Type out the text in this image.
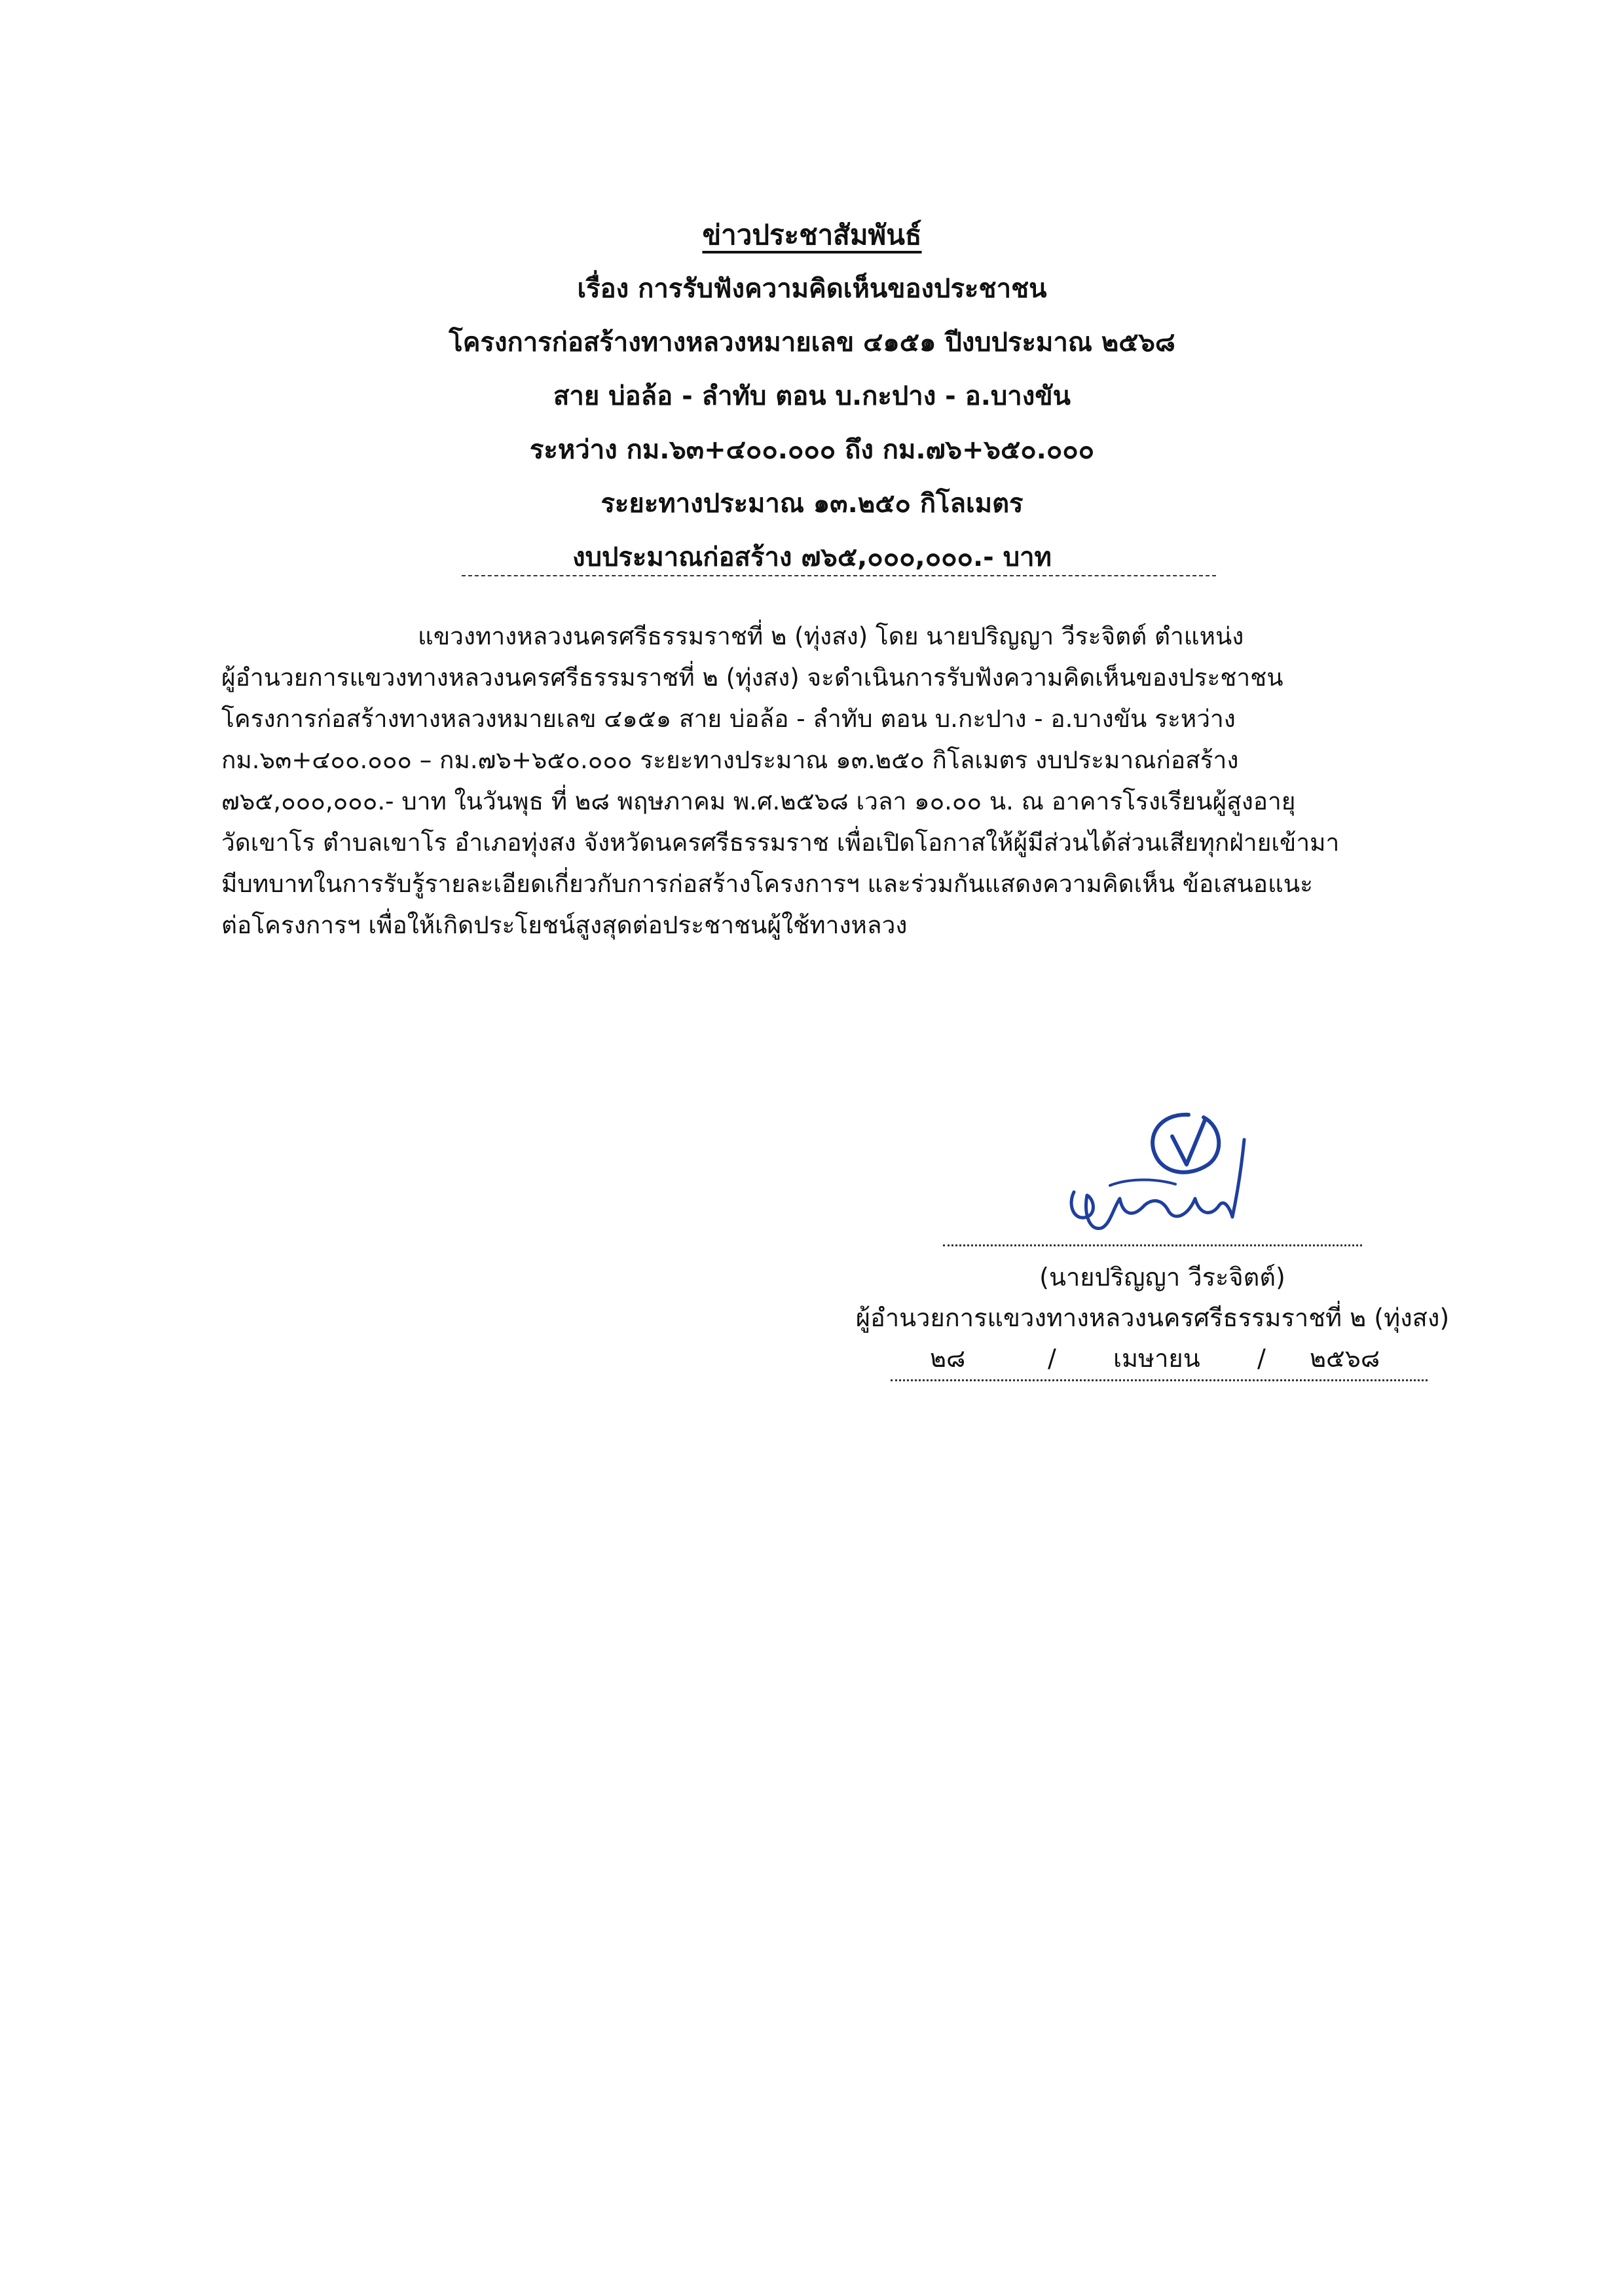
ข่าวประชาสัมพันธ์
เรื่อง การรับฟังความคิดเห็นของประชาชน
โครงการก่อสร้างทางหลวงหมายเลข ๔๑๕๑ ปีงบประมาณ ๒๕๖๘
สาย บ่อล้อ - ลำทับ ตอน บ.กะปาง - อ.บางขัน
ระหว่าง กม.๖๓+๔๐๐.๐๐๐ ถึง กม.๗๖+๖๕๐.๐๐๐
ระยะทางประมาณ ๑๓.๒๕๐ กิโลเมตร
งบประมาณก่อสร้าง ๗๖๕,๐๐๐,๐๐๐.- บาท

แขวงทางหลวงนครศรีธรรมราชที่ ๒ (ทุ่งสง) โดย นายปริญญา วีระจิตต์ ตำแหน่ง

ผู้อำนวยการแขวงทางหลวงนครศรีธรรมราชที่ ๒ (ทุ่งสง) จะดำเนินการรับฟังความคิดเห็นของประชาชน

โครงการก่อสร้างทางหลวงหมายเลข ๔๑๕๑ สาย บ่อล้อ - ลำทับ ตอน บ.กะปาง - อ.บางขัน ระหว่าง

กม.๖๓+๔๐๐.๐๐๐ – กม.๗๖+๖๕๐.๐๐๐ ระยะทางประมาณ ๑๓.๒๕๐ กิโลเมตร งบประมาณก่อสร้าง

๗๖๕,๐๐๐,๐๐๐.- บาท ในวันพุธ ที่ ๒๘ พฤษภาคม พ.ศ.๒๕๖๘ เวลา ๑๐.๐๐ น. ณ อาคารโรงเรียนผู้สูงอายุ

วัดเขาโร ตำบลเขาโร อำเภอทุ่งสง จังหวัดนครศรีธรรมราช เพื่อเปิดโอกาสให้ผู้มีส่วนได้ส่วนเสียทุกฝ่ายเข้ามา

มีบทบาทในการรับรู้รายละเอียดเกี่ยวกับการก่อสร้างโครงการฯ และร่วมกันแสดงความคิดเห็น ข้อเสนอแนะ

ต่อโครงการฯ เพื่อให้เกิดประโยชน์สูงสุดต่อประชาชนผู้ใช้ทางหลวง

(นายปริญญา วีระจิตต์)
ผู้อำนวยการแขวงทางหลวงนครศรีธรรมราชที่ ๒ (ทุ่งสง)
๒๘	/ เมษายน / ๒๕๖๘
